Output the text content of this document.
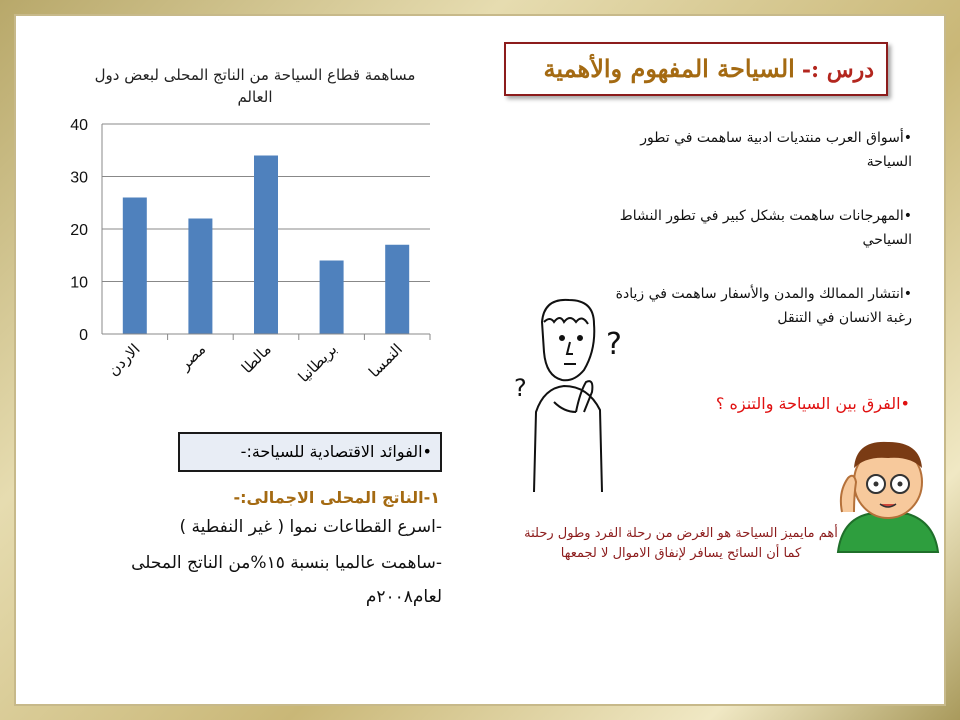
مساهمة قطاع السياحة من الناتج المحلى لبعض دول العالم
0
10
20
30
40
الاردن مصر مالطا بريطانيا النمسا
درس :- السياحة المفهوم والأهمية
•أسواق العرب منتديات ادبية ساهمت في تطور السياحة
•المهرجانات ساهمت بشكل كبير في تطور النشاط السياحي
•انتشار الممالك والمدن والأسفار ساهمت في زيادة رغبة الانسان في التنقل
•الفرق بين السياحة والتنزه ؟
?
?
•الفوائد الاقتصادية للسياحة:-
١-الناتج المحلى الاجمالى:-
-اسرع القطاعات نموا ( غير النفطية )
-ساهمت عالميا بنسبة ١٥%من الناتج المحلى
لعام٢٠٠٨م
أهم مايميز السياحة هو الغرض من رحلة الفرد وطول رحلتة كما أن السائح يسافر لإنفاق الاموال لا لجمعها
